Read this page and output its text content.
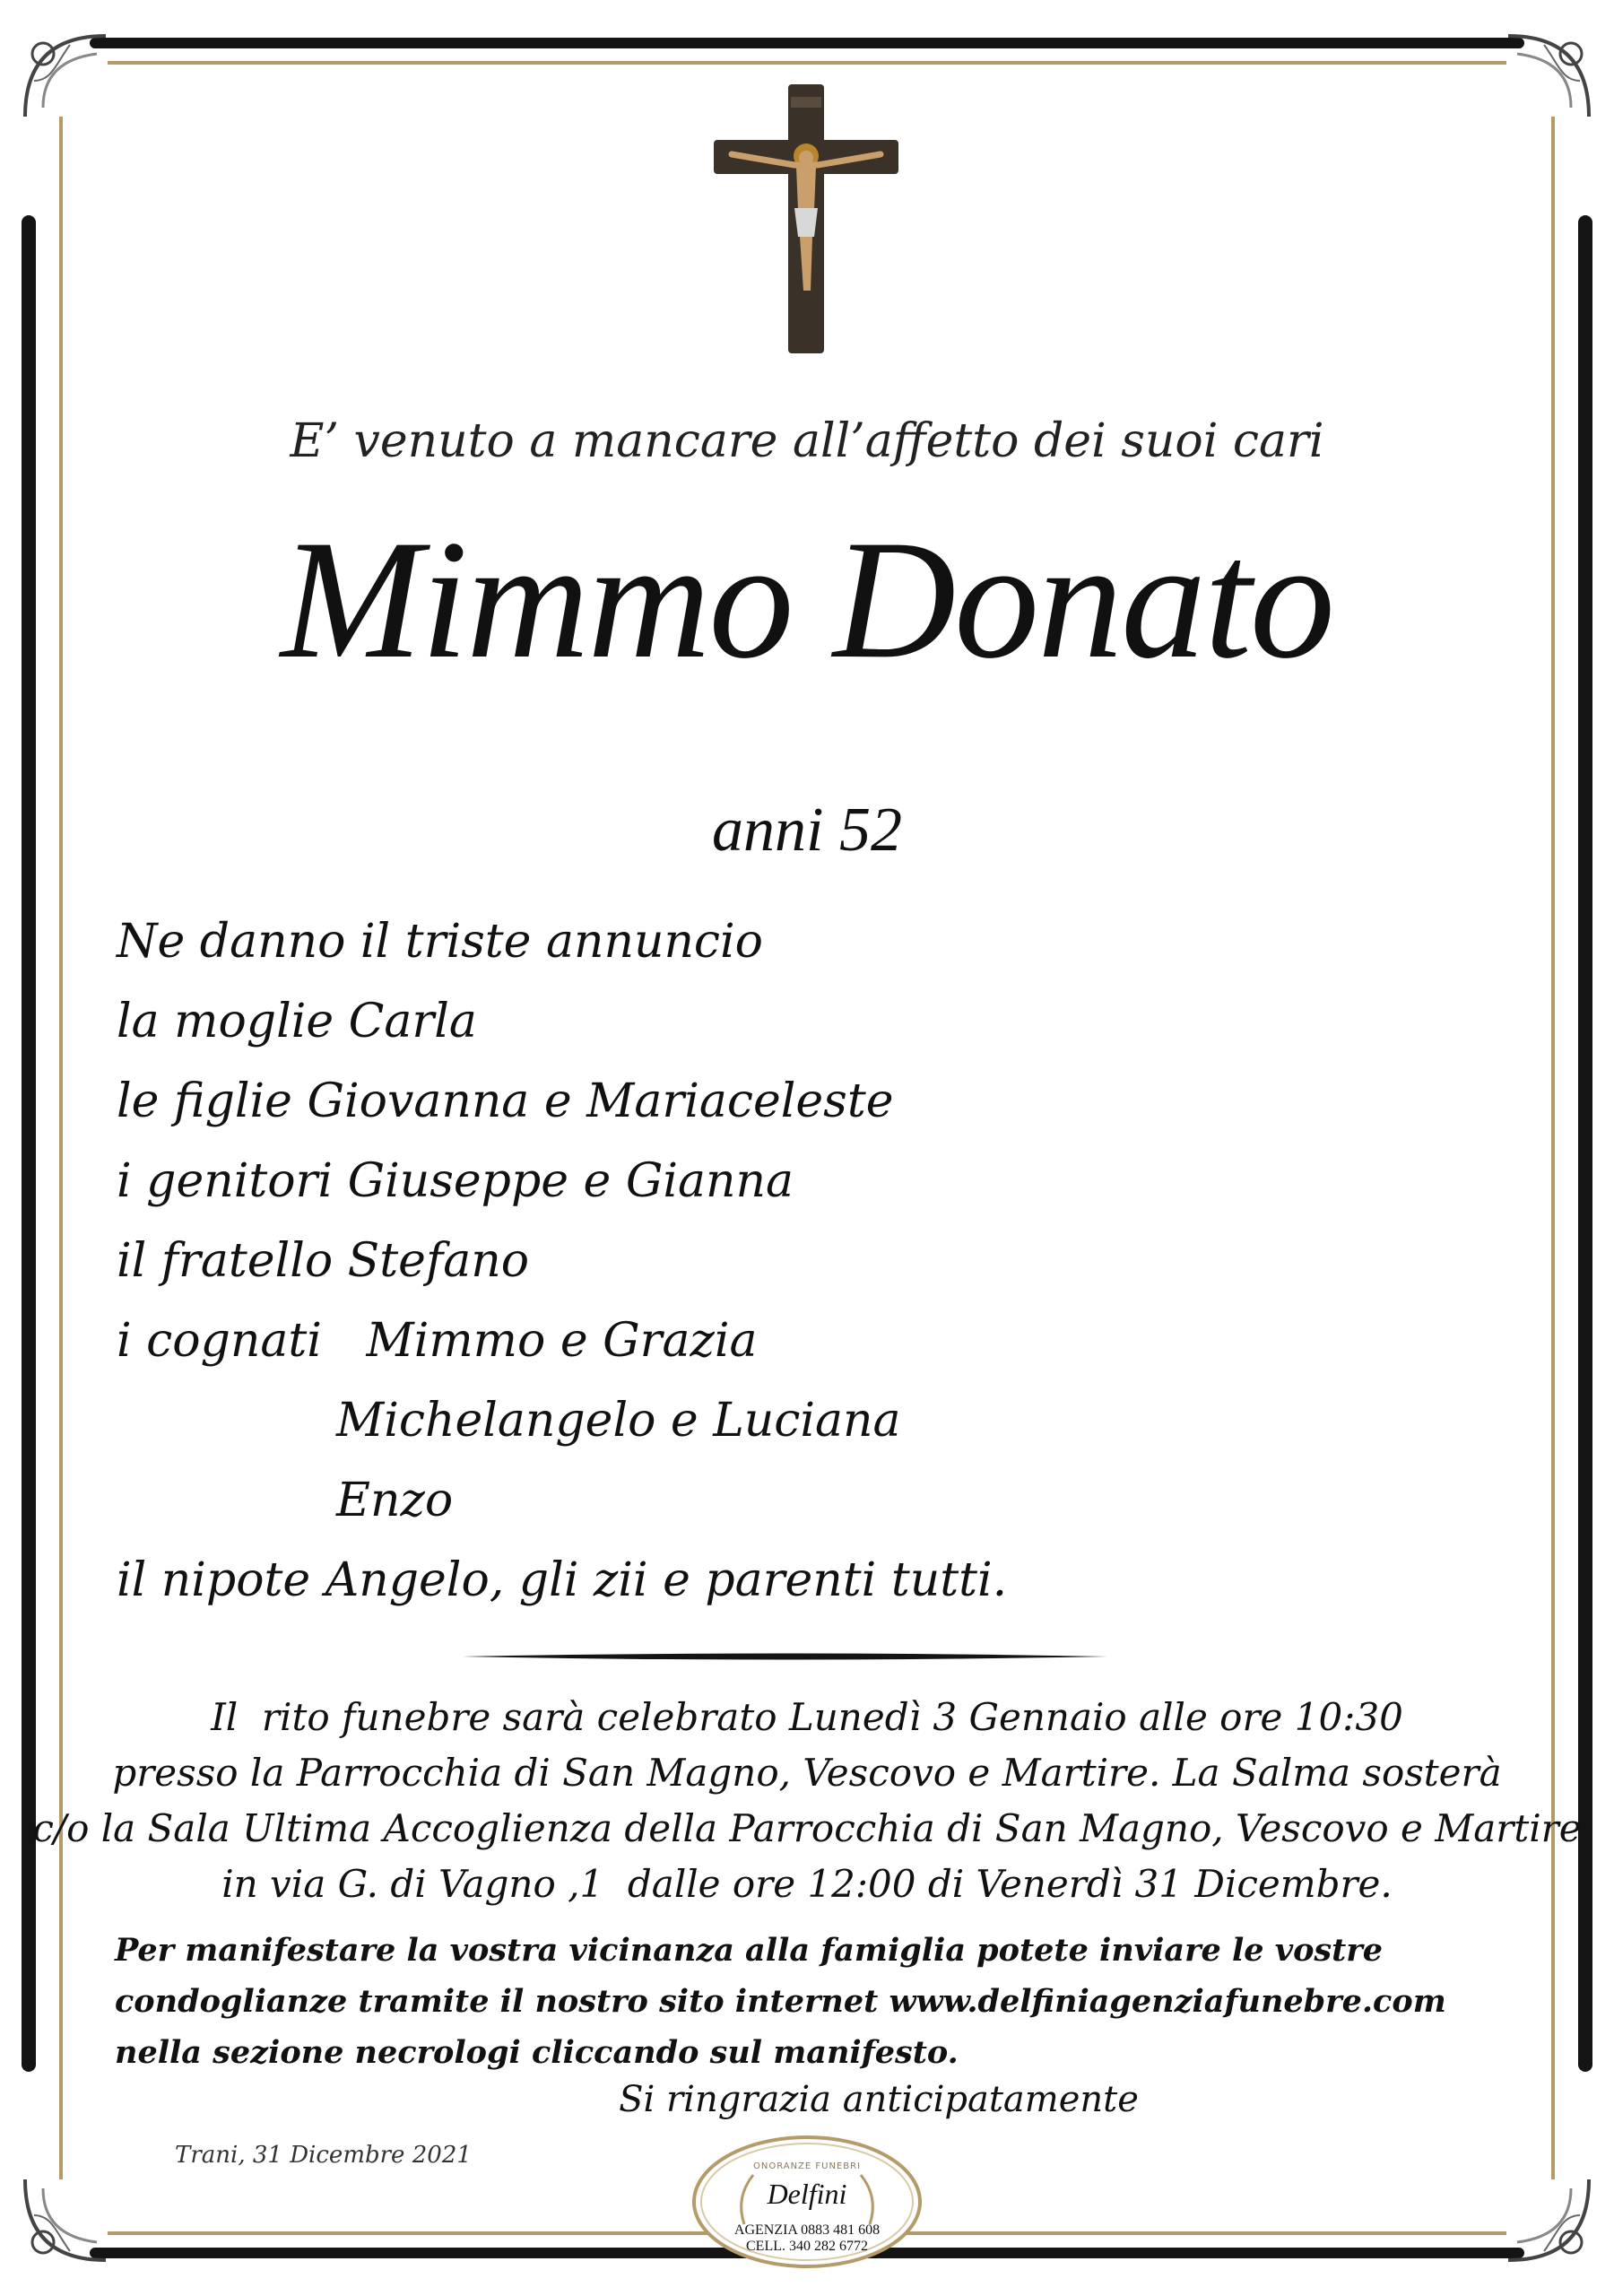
E’ venuto a mancare all’affetto dei suoi cari
Mimmo Donato
anni 52
Ne danno il triste annuncio
la moglie Carla
le figlie Giovanna e Mariaceleste
i genitori Giuseppe e Gianna
il fratello Stefano
i cognati   Mimmo e Grazia
Michelangelo e Luciana
Enzo
il nipote Angelo, gli zii e parenti tutti.
Il  rito funebre sarà celebrato Lunedì 3 Gennaio alle ore 10:30
presso la Parrocchia di San Magno, Vescovo e Martire. La Salma sosterà
c/o la Sala Ultima Accoglienza della Parrocchia di San Magno, Vescovo e Martire
in via G. di Vagno ,1  dalle ore 12:00 di Venerdì 31 Dicembre.
Per manifestare la vostra vicinanza alla famiglia potete inviare le vostre condoglianze tramite il nostro sito internet www.delfiniagenziafunebre.com nella sezione necrologi cliccando sul manifesto.
Si ringrazia anticipatamente
Trani, 31 Dicembre 2021	ONORANZE FUNEBRI
Delfini
AGENZIA 0883 481 608
CELL. 340 282 6772
